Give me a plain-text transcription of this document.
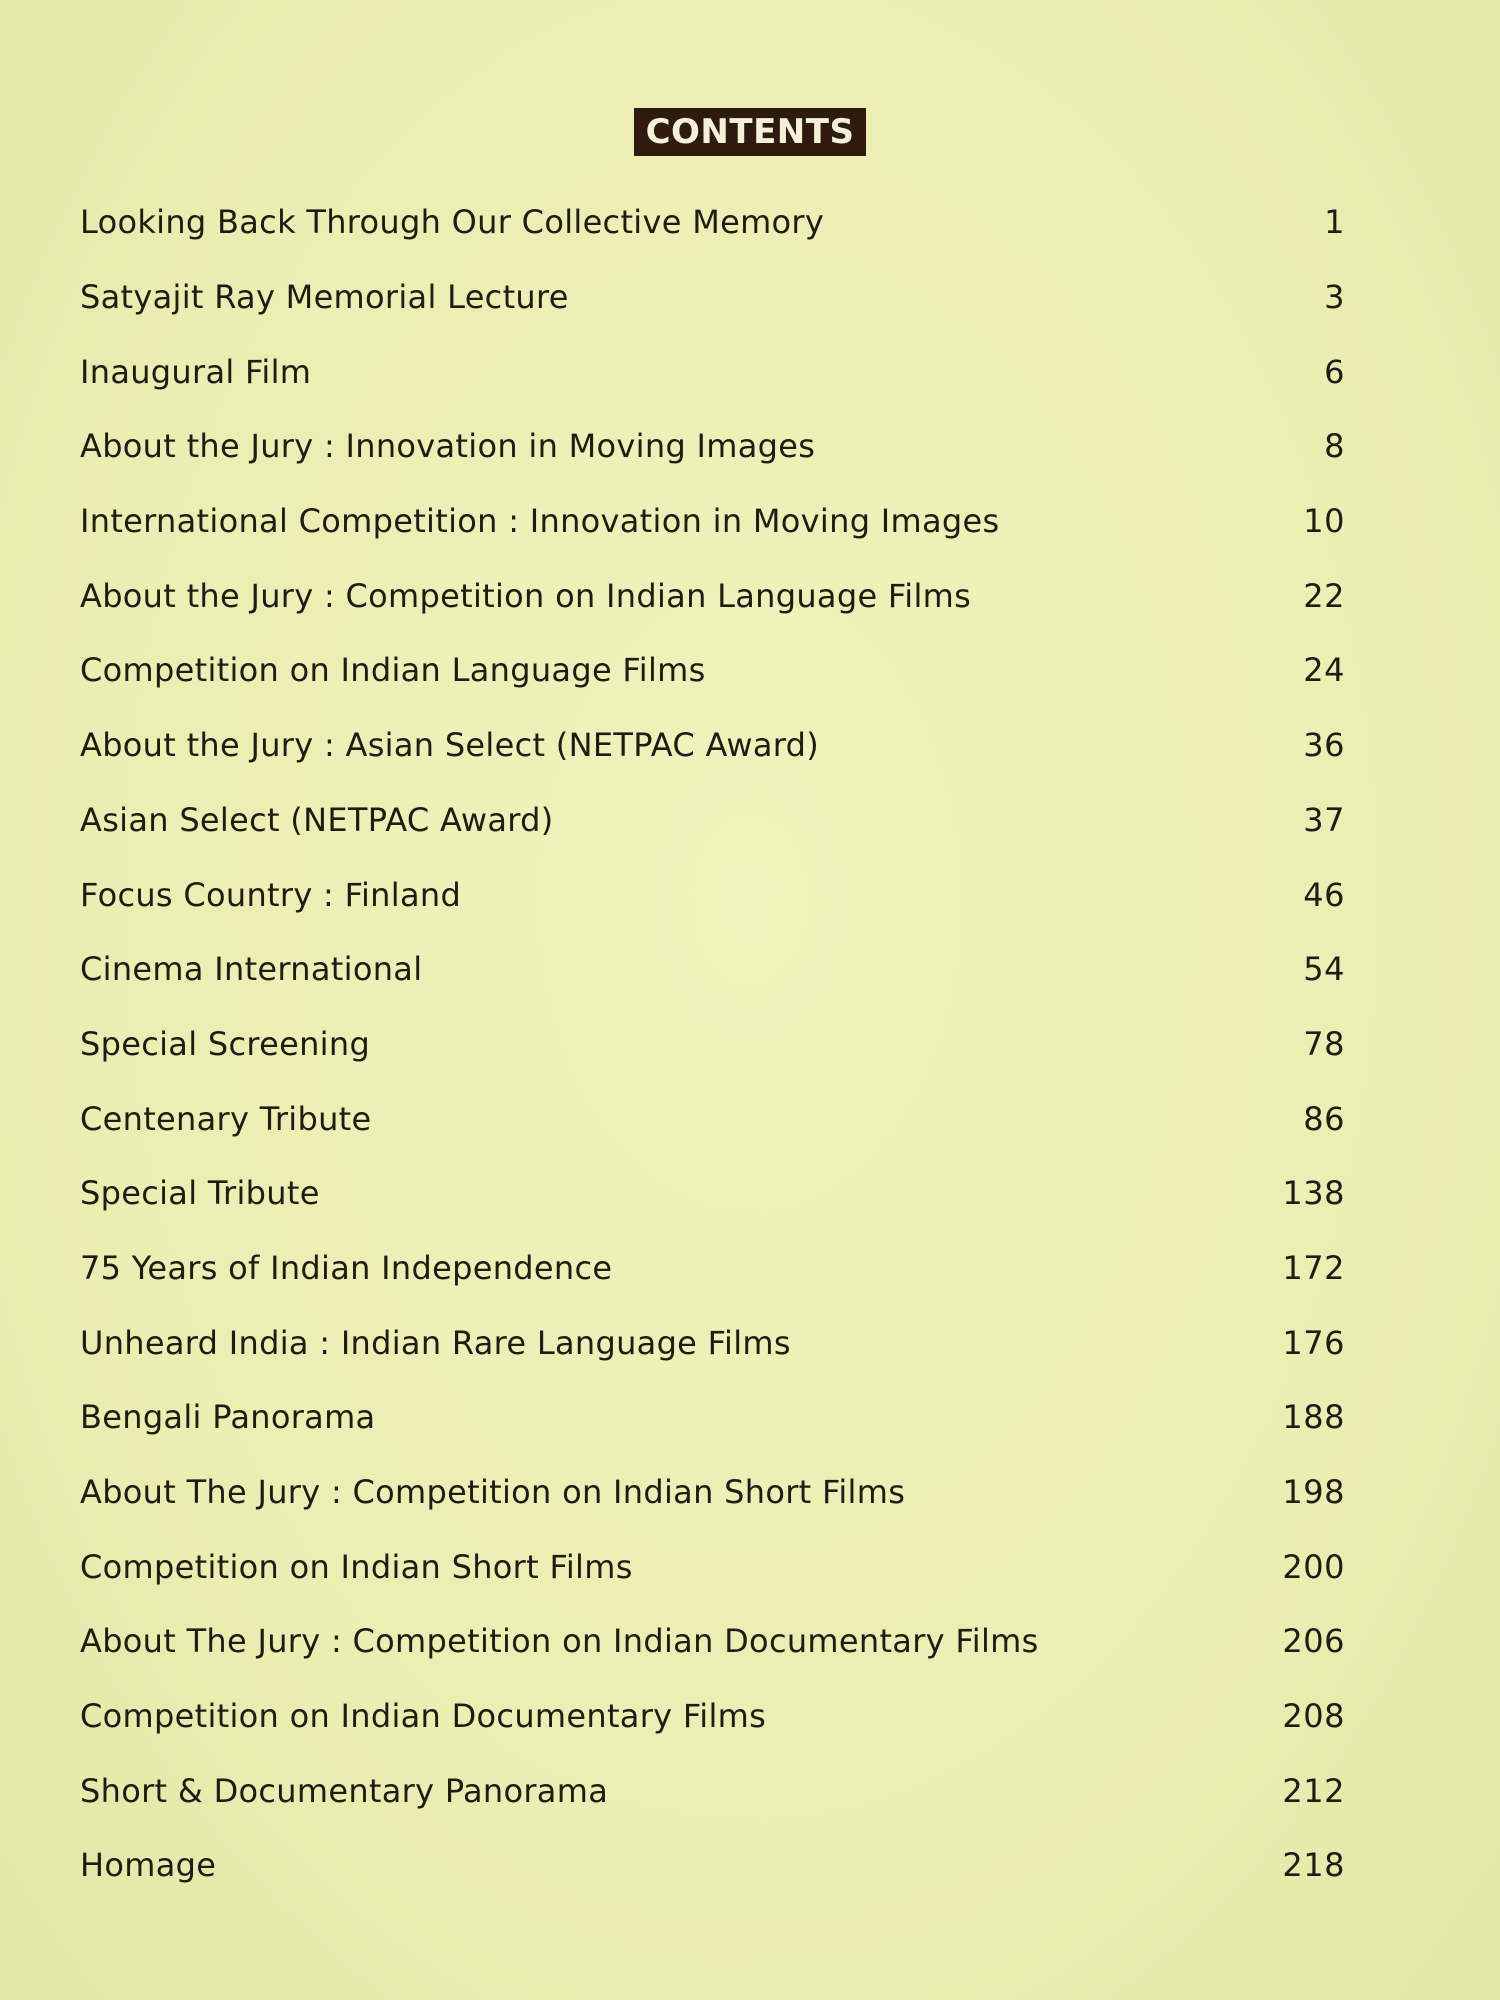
CONTENTS
Looking Back Through Our Collective Memory	1
Satyajit Ray Memorial Lecture	3
Inaugural Film	6
About the Jury : Innovation in Moving Images	8
International Competition : Innovation in Moving Images	10
About the Jury : Competition on Indian Language Films	22
Competition on Indian Language Films	24
About the Jury : Asian Select (NETPAC Award)	36
Asian Select (NETPAC Award)	37
Focus Country : Finland	46
Cinema International	54
Special Screening	78
Centenary Tribute	86
Special Tribute	138
75 Years of Indian Independence	172
Unheard India : Indian Rare Language Films	176
Bengali Panorama	188
About The Jury : Competition on Indian Short Films	198
Competition on Indian Short Films	200
About The Jury : Competition on Indian Documentary Films	206
Competition on Indian Documentary Films	208
Short & Documentary Panorama	212
Homage	218
